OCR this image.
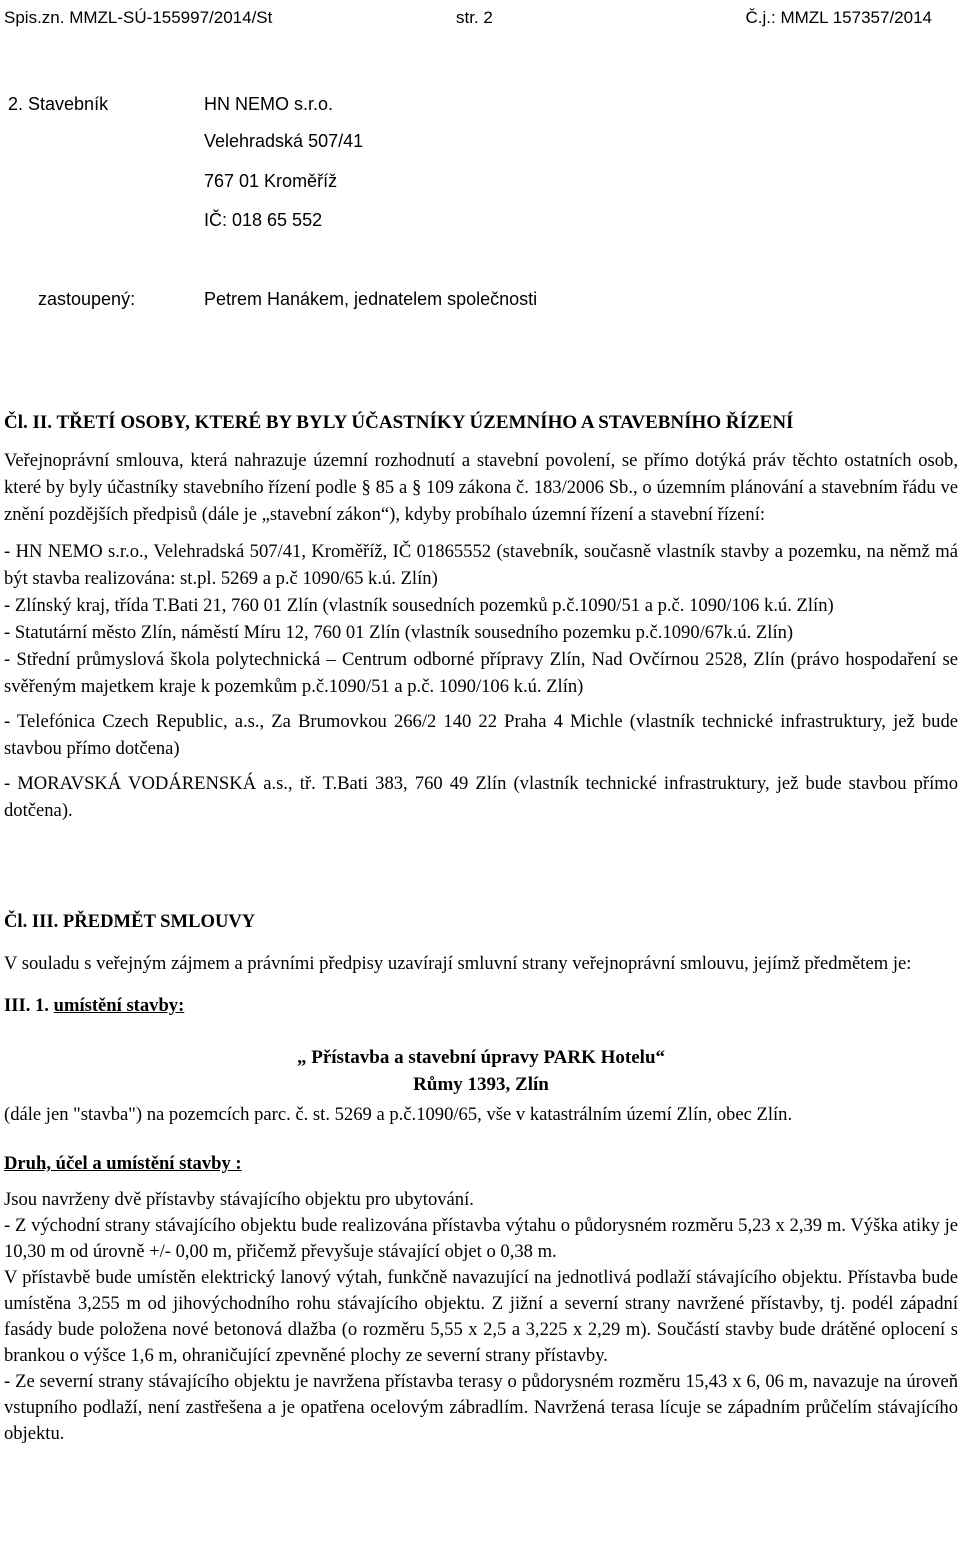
Spis.zn. MMZL-SÚ-155997/2014/St	str. 2	Č.j.: MMZL 157357/2014
2. Stavebník	HN NEMO s.r.o.
Velehradská 507/41
767 01 Kroměříž
IČ: 018 65 552
zastoupený:	Petrem Hanákem, jednatelem společnosti

Čl. II. TŘETÍ OSOBY, KTERÉ BY BYLY ÚČASTNÍKY ÚZEMNÍHO A STAVEBNÍHO ŘÍZENÍ

Veřejnoprávní smlouva, která nahrazuje územní rozhodnutí a stavební povolení, se přímo dotýká práv těchto ostatních osob, které by byly účastníky stavebního řízení podle § 85 a § 109 zákona č. 183/2006 Sb., o územním plánování a stavebním řádu ve znění pozdějších předpisů (dále je „stavební zákon“), kdyby probíhalo územní řízení a stavební řízení:

- HN NEMO s.r.o., Velehradská 507/41, Kroměříž, IČ 01865552 (stavebník, současně vlastník stavby a pozemku, na němž má být stavba realizována: st.pl. 5269 a p.č 1090/65 k.ú. Zlín)

- Zlínský kraj, třída T.Bati 21, 760 01 Zlín (vlastník sousedních pozemků p.č.1090/51 a p.č. 1090/106 k.ú. Zlín)

- Statutární město Zlín, náměstí Míru 12, 760 01 Zlín (vlastník sousedního pozemku p.č.1090/67k.ú. Zlín)

- Střední průmyslová škola polytechnická – Centrum odborné přípravy Zlín, Nad Ovčírnou 2528, Zlín (právo hospodaření se svěřeným majetkem kraje k pozemkům p.č.1090/51 a p.č. 1090/106 k.ú. Zlín)

- Telefónica Czech Republic, a.s., Za Brumovkou 266/2 140 22 Praha 4 Michle (vlastník technické infrastruktury, jež bude stavbou přímo dotčena)

- MORAVSKÁ VODÁRENSKÁ a.s., tř. T.Bati 383, 760 49 Zlín (vlastník technické infrastruktury, jež bude stavbou přímo dotčena).

Čl. III. PŘEDMĚT SMLOUVY

V souladu s veřejným zájmem a právními předpisy uzavírají smluvní strany veřejnoprávní smlouvu, jejímž předmětem je:

III. 1. umístění stavby:

„ Přístavba a stavební úpravy PARK Hotelu“

Růmy 1393, Zlín

(dále jen "stavba") na pozemcích parc. č. st. 5269 a p.č.1090/65, vše v katastrálním území Zlín, obec Zlín.

Druh, účel a umístění stavby :

Jsou navrženy dvě přístavby stávajícího objektu pro ubytování.

- Z východní strany stávajícího objektu bude realizována přístavba výtahu o půdorysném rozměru 5,23 x 2,39 m. Výška atiky je 10,30 m od úrovně +/- 0,00 m, přičemž převyšuje stávající objet o 0,38 m.

V přístavbě bude umístěn elektrický lanový výtah, funkčně navazující na jednotlivá podlaží stávajícího objektu. Přístavba bude umístěna 3,255 m od jihovýchodního rohu stávajícího objektu. Z jižní a severní strany navržené přístavby, tj. podél západní fasády bude položena nové betonová dlažba (o rozměru 5,55 x 2,5 a 3,225 x 2,29 m). Součástí stavby bude drátěné oplocení s brankou o výšce 1,6 m, ohraničující zpevněné plochy ze severní strany přístavby.

- Ze severní strany stávajícího objektu je navržena přístavba terasy o půdorysném rozměru 15,43 x 6, 06 m, navazuje na úroveň vstupního podlaží, není zastřešena a je opatřena ocelovým zábradlím. Navržená terasa lícuje se západním průčelím stávajícího objektu.
